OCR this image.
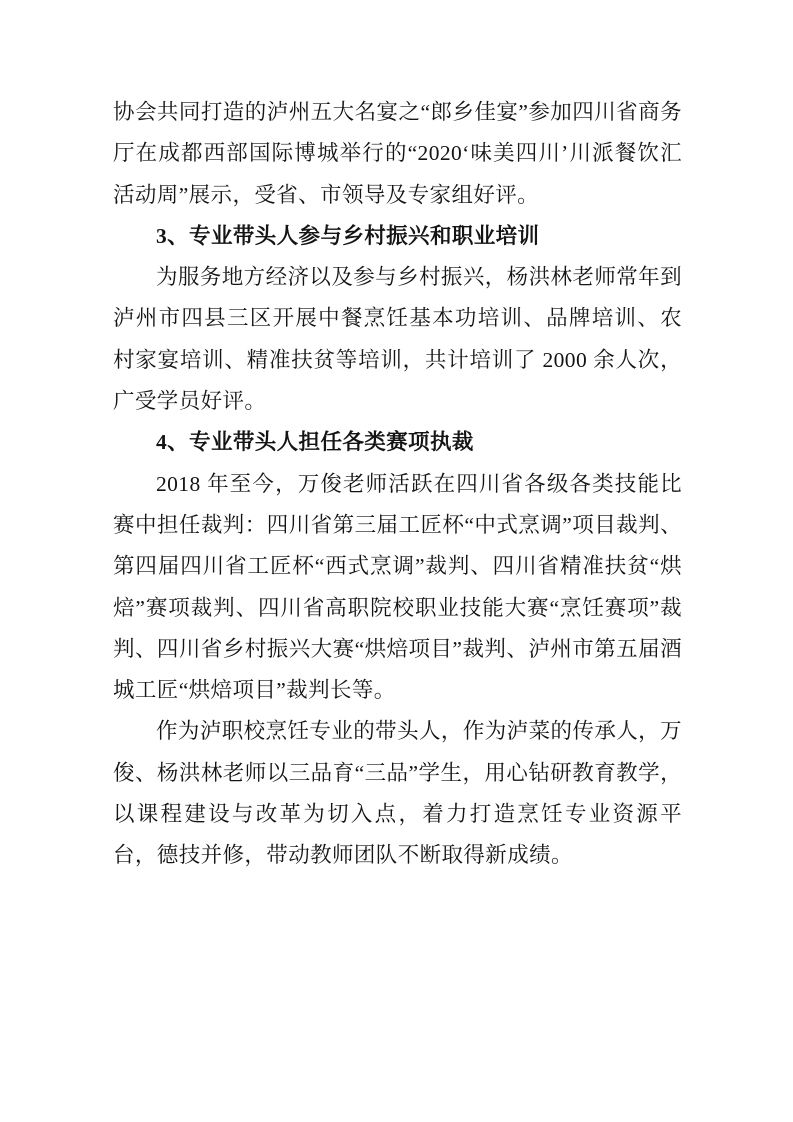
协会共同打造的泸州五大名宴之“郎乡佳宴”参加四川省商务厅在成都西部国际博城举行的“2020‘味美四川’川派餐饮汇活动周”展示，受省、市领导及专家组好评。

3、专业带头人参与乡村振兴和职业培训

为服务地方经济以及参与乡村振兴，杨洪林老师常年到泸州市四县三区开展中餐烹饪基本功培训、品牌培训、农村家宴培训、精准扶贫等培训，共计培训了 2000 余人次，广受学员好评。

4、专业带头人担任各类赛项执裁

2018 年至今，万俊老师活跃在四川省各级各类技能比赛中担任裁判：四川省第三届工匠杯“中式烹调”项目裁判、第四届四川省工匠杯“西式烹调”裁判、四川省精准扶贫“烘焙”赛项裁判、四川省高职院校职业技能大赛“烹饪赛项”裁判、四川省乡村振兴大赛“烘焙项目”裁判、泸州市第五届酒城工匠“烘焙项目”裁判长等。

作为泸职校烹饪专业的带头人，作为泸菜的传承人，万俊、杨洪林老师以三品育“三品”学生，用心钻研教育教学，以课程建设与改革为切入点，着力打造烹饪专业资源平台，德技并修，带动教师团队不断取得新成绩。
